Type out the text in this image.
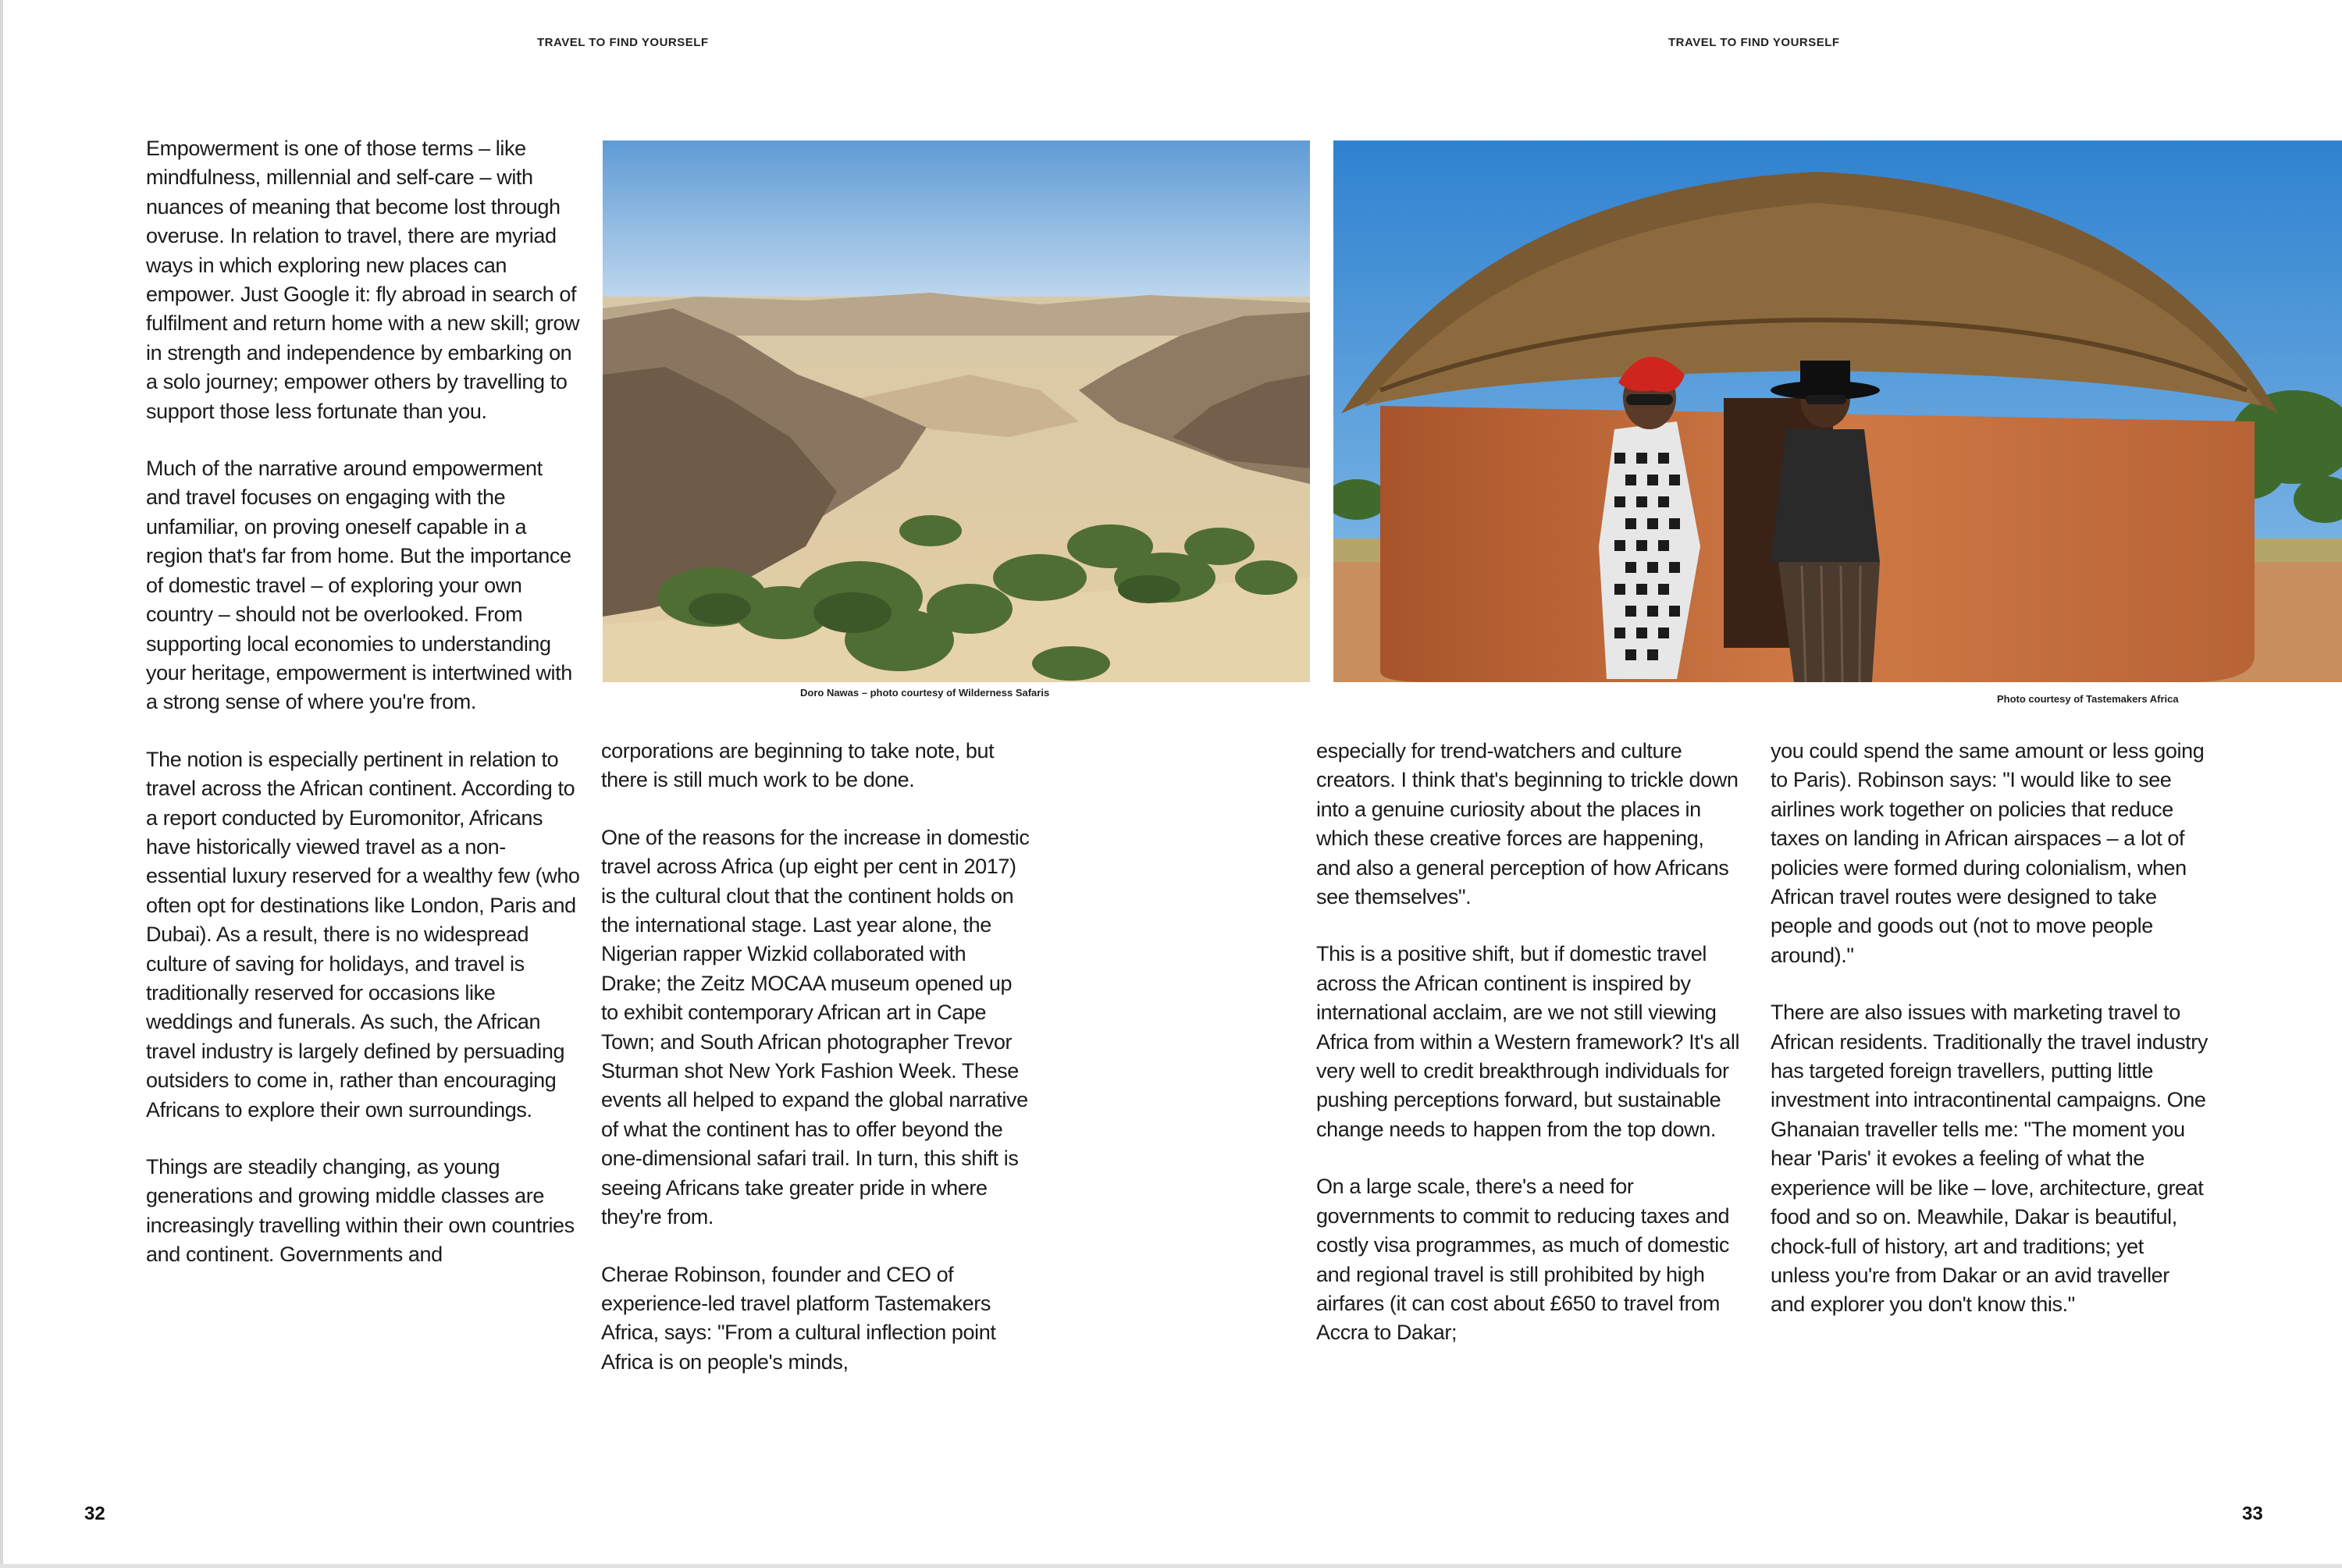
TRAVEL TO FIND YOURSELF	TRAVEL TO FIND YOURSELF
Doro Nawas – photo courtesy of Wilderness Safaris
Photo courtesy of Tastemakers Africa

Empowerment is one of those terms – like mindfulness, millennial and self-care – with nuances of meaning that become lost through overuse. In relation to travel, there are myriad ways in which exploring new places can empower. Just Google it: fly abroad in search of fulfilment and return home with a new skill; grow in strength and independence by embarking on a solo journey; empower others by travelling to support those less fortunate than you.

Much of the narrative around empowerment and travel focuses on engaging with the unfamiliar, on proving oneself capable in a region that's far from home. But the importance of domestic travel – of exploring your own country – should not be overlooked. From supporting local economies to understanding your heritage, empowerment is intertwined with a strong sense of where you're from.

The notion is especially pertinent in relation to travel across the African continent. According to a report conducted by Euromonitor, Africans have historically viewed travel as a non-essential luxury reserved for a wealthy few (who often opt for destinations like London, Paris and Dubai). As a result, there is no widespread culture of saving for holidays, and travel is traditionally reserved for occasions like weddings and funerals. As such, the African travel industry is largely defined by persuading outsiders to come in, rather than encouraging Africans to explore their own surroundings.

Things are steadily changing, as young generations and growing middle classes are increasingly travelling within their own countries and continent. Governments and

corporations are beginning to take note, but there is still much work to be done.

One of the reasons for the increase in domestic travel across Africa (up eight per cent in 2017) is the cultural clout that the continent holds on the international stage. Last year alone, the Nigerian rapper Wizkid collaborated with Drake; the Zeitz MOCAA museum opened up to exhibit contemporary African art in Cape Town; and South African photographer Trevor Sturman shot New York Fashion Week. These events all helped to expand the global narrative of what the continent has to offer beyond the one-dimensional safari trail. In turn, this shift is seeing Africans take greater pride in where they're from.

Cherae Robinson, founder and CEO of experience-led travel platform Tastemakers Africa, says: "From a cultural inflection point Africa is on people's minds,

especially for trend-watchers and culture creators. I think that's beginning to trickle down into a genuine curiosity about the places in which these creative forces are happening, and also a general perception of how Africans see themselves".

This is a positive shift, but if domestic travel across the African continent is inspired by international acclaim, are we not still viewing Africa from within a Western framework? It's all very well to credit breakthrough individuals for pushing perceptions forward, but sustainable change needs to happen from the top down.

On a large scale, there's a need for governments to commit to reducing taxes and costly visa programmes, as much of domestic and regional travel is still prohibited by high airfares (it can cost about £650 to travel from Accra to Dakar;

you could spend the same amount or less going to Paris). Robinson says: "I would like to see airlines work together on policies that reduce taxes on landing in African airspaces – a lot of policies were formed during colonialism, when African travel routes were designed to take people and goods out (not to move people around)."

There are also issues with marketing travel to African residents. Traditionally the travel industry has targeted foreign travellers, putting little investment into intracontinental campaigns. One Ghanaian traveller tells me: "The moment you hear 'Paris' it evokes a feeling of what the experience will be like – love, architecture, great food and so on. Meawhile, Dakar is beautiful, chock-full of history, art and traditions; yet unless you're from Dakar or an avid traveller and explorer you don't know this."

32	33
